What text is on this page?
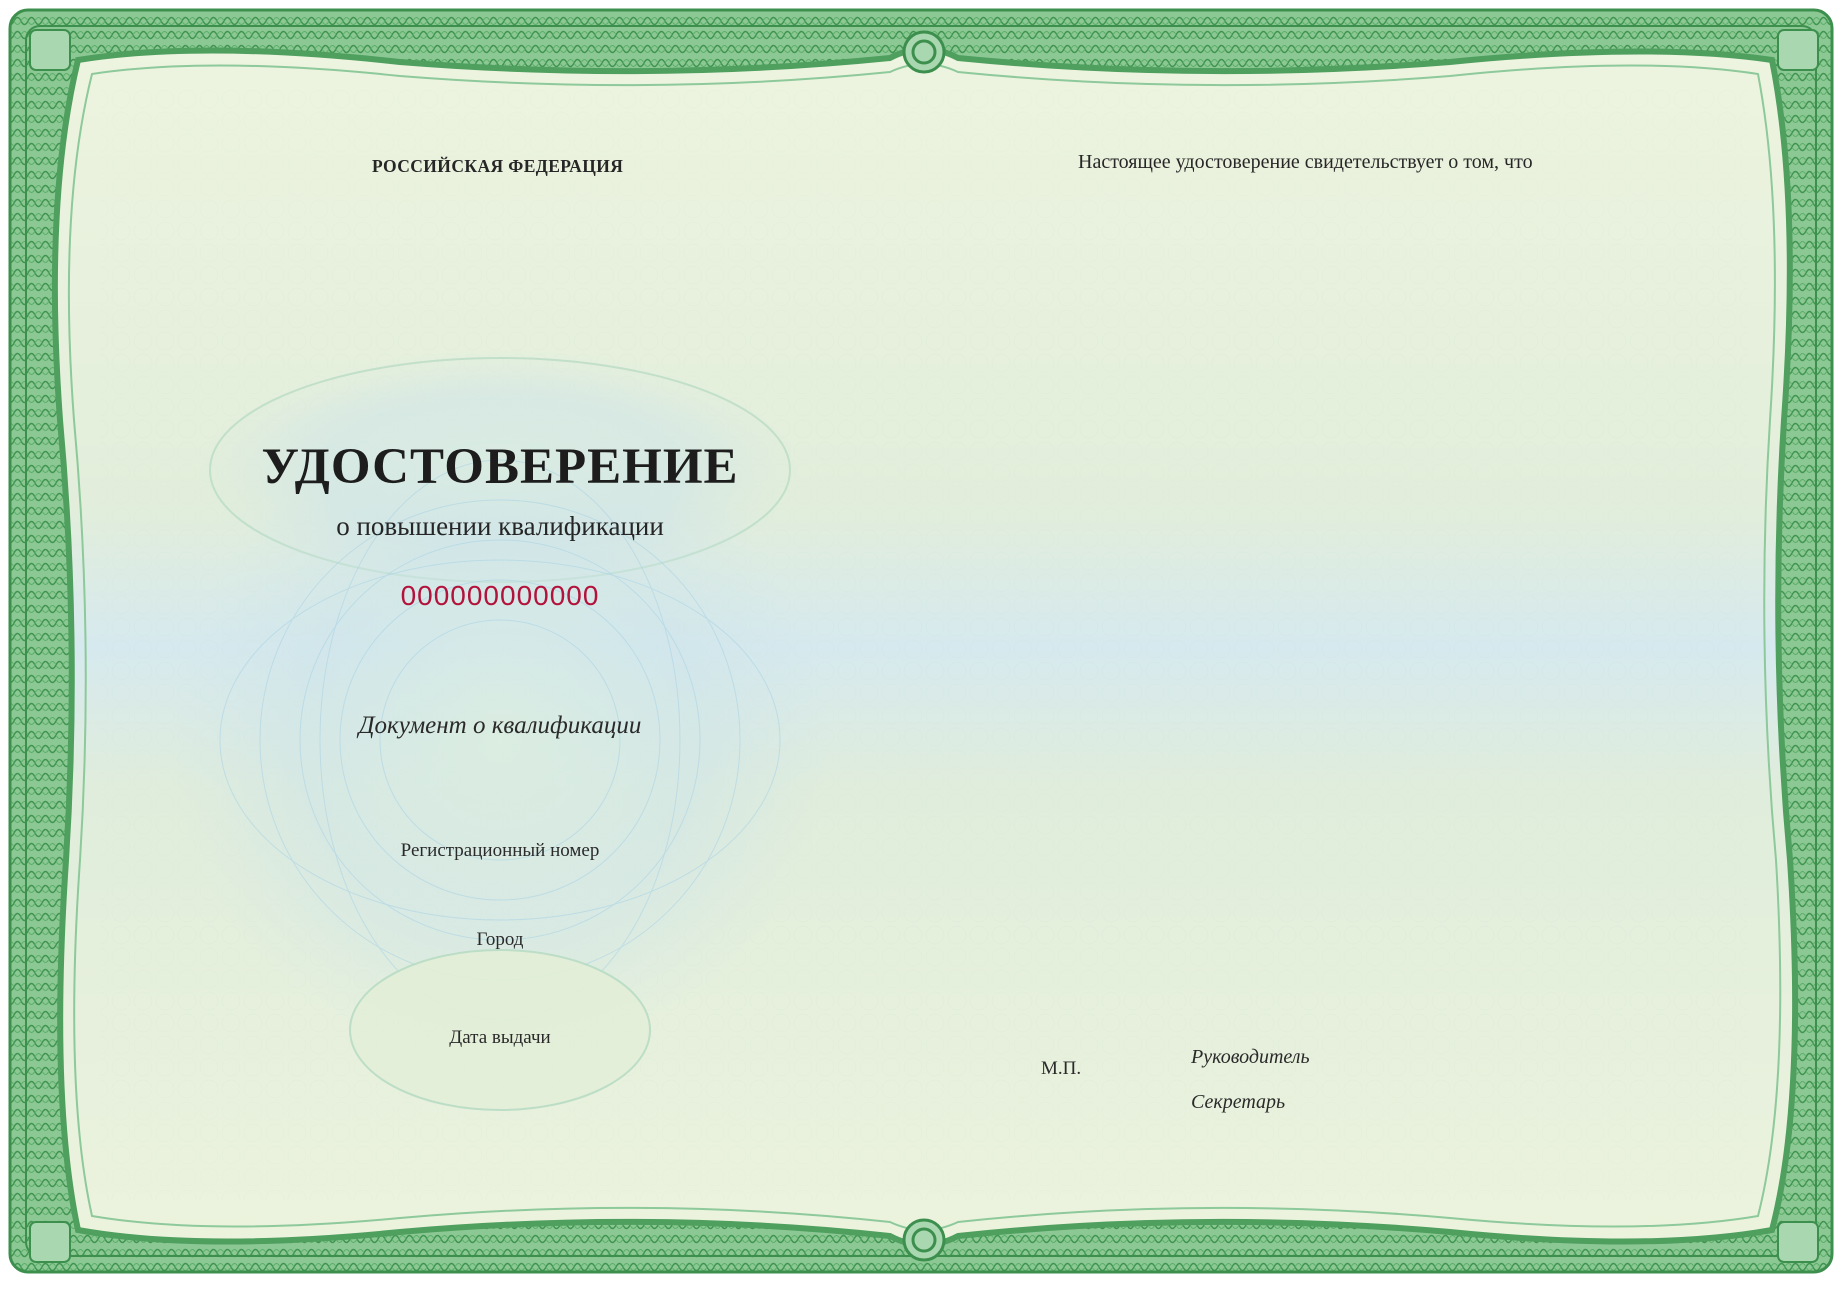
РОССИЙСКАЯ ФЕДЕРАЦИЯ	Настоящее удостоверение свидетельствует о том, что
УДОСТОВЕРЕНИЕ
о повышении квалификации
000000000000
Документ о квалификации
Регистрационный номер
Город
Дата выдачи
М.П.
Руководитель
Секретарь
